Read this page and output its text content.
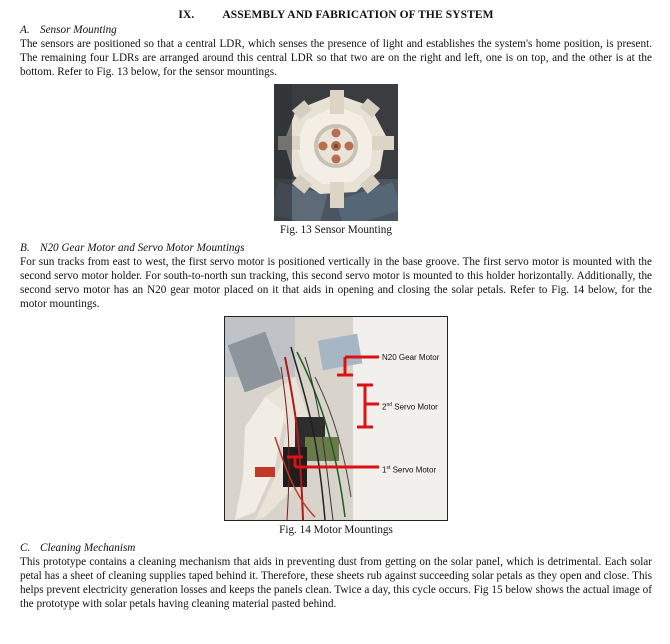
IX. ASSEMBLY AND FABRICATION OF THE SYSTEM
A. Sensor Mounting

The sensors are positioned so that a central LDR, which senses the presence of light and establishes the system's home position, is present. The remaining four LDRs are arranged around this central LDR so that two are on the right and left, one is on top, and the other is at the bottom. Refer to Fig. 13 below, for the sensor mountings.

Fig. 13 Sensor Mounting
B. N20 Gear Motor and Servo Motor Mountings

For sun tracks from east to west, the first servo motor is positioned vertically in the base groove. The first servo motor is mounted with the second servo motor holder. For south-to-north sun tracking, this second servo motor is mounted to this holder horizontally. Additionally, the second servo motor has an N20 gear motor placed on it that aids in opening and closing the solar petals. Refer to Fig. 14 below, for the motor mountings.

N20 Gear Motor
2nd Servo Motor
1st Servo Motor
Fig. 14 Motor Mountings
C. Cleaning Mechanism

This prototype contains a cleaning mechanism that aids in preventing dust from getting on the solar panel, which is detrimental. Each solar petal has a sheet of cleaning supplies taped behind it. Therefore, these sheets rub against succeeding solar petals as they open and close. This helps prevent electricity generation losses and keeps the panels clean. Twice a day, this cycle occurs. Fig 15 below shows the actual image of the prototype with solar petals having cleaning material pasted behind.
